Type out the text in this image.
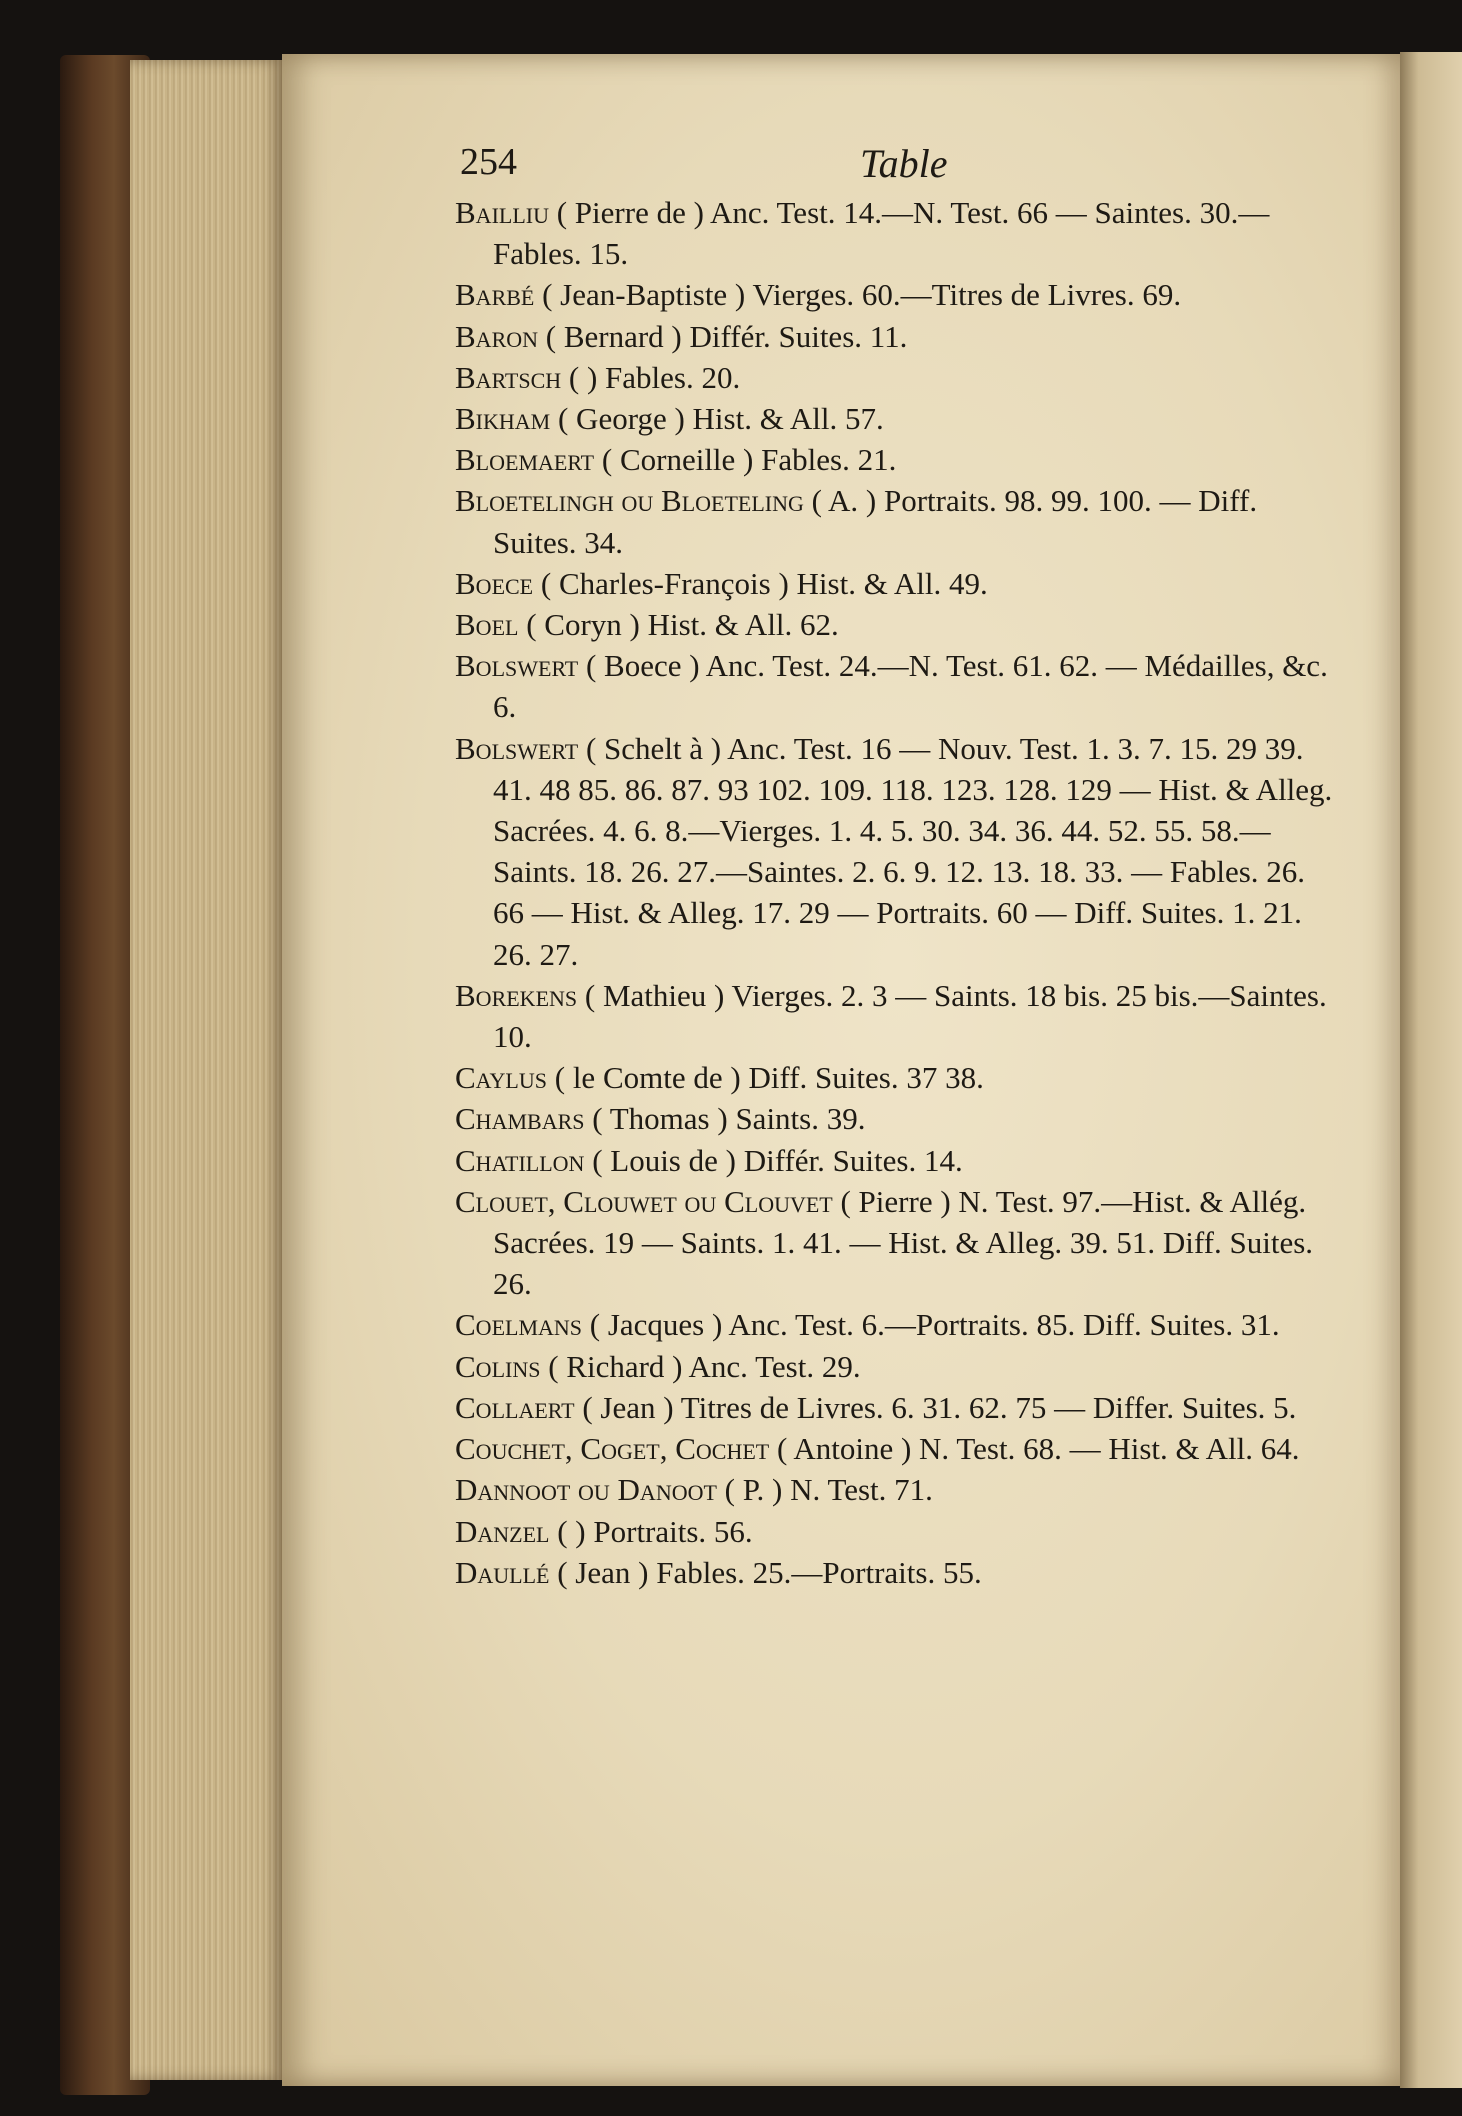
254	Table
Bailliu ( Pierre de ) Anc. Test. 14.—N. Test. 66 — Saintes. 30.—Fables. 15.
Barbé ( Jean-Baptiste ) Vierges. 60.—Titres de Livres. 69.
Baron ( Bernard ) Différ. Suites. 11.
Bartsch ( ) Fables. 20.
Bikham ( George ) Hist. & All. 57.
Bloemaert ( Corneille ) Fables. 21.
Bloetelingh ou Bloeteling ( A. ) Portraits. 98. 99. 100. — Diff. Suites. 34.
Boece ( Charles-François ) Hist. & All. 49.
Boel ( Coryn ) Hist. & All. 62.
Bolswert ( Boece ) Anc. Test. 24.—N. Test. 61. 62. — Médailles, &c. 6.
Bolswert ( Schelt à ) Anc. Test. 16 — Nouv. Test. 1. 3. 7. 15. 29 39. 41. 48 85. 86. 87. 93 102. 109. 118. 123. 128. 129 — Hist. & Alleg. Sacrées. 4. 6. 8.—Vierges. 1. 4. 5. 30. 34. 36. 44. 52. 55. 58.— Saints. 18. 26. 27.—Saintes. 2. 6. 9. 12. 13. 18. 33. — Fables. 26. 66 — Hist. & Alleg. 17. 29 — Portraits. 60 — Diff. Suites. 1. 21. 26. 27.
Borekens ( Mathieu ) Vierges. 2. 3 — Saints. 18 bis. 25 bis.—Saintes. 10.
Caylus ( le Comte de ) Diff. Suites. 37 38.
Chambars ( Thomas ) Saints. 39.
Chatillon ( Louis de ) Différ. Suites. 14.
Clouet, Clouwet ou Clouvet ( Pierre ) N. Test. 97.—Hist. & Allég. Sacrées. 19 — Saints. 1. 41. — Hist. & Alleg. 39. 51. Diff. Suites. 26.
Coelmans ( Jacques ) Anc. Test. 6.—Portraits. 85. Diff. Suites. 31.
Colins ( Richard ) Anc. Test. 29.
Collaert ( Jean ) Titres de Livres. 6. 31. 62. 75 — Differ. Suites. 5.
Couchet, Coget, Cochet ( Antoine ) N. Test. 68. — Hist. & All. 64.
Dannoot ou Danoot ( P. ) N. Test. 71.
Danzel ( ) Portraits. 56.
Daullé ( Jean ) Fables. 25.—Portraits. 55.
